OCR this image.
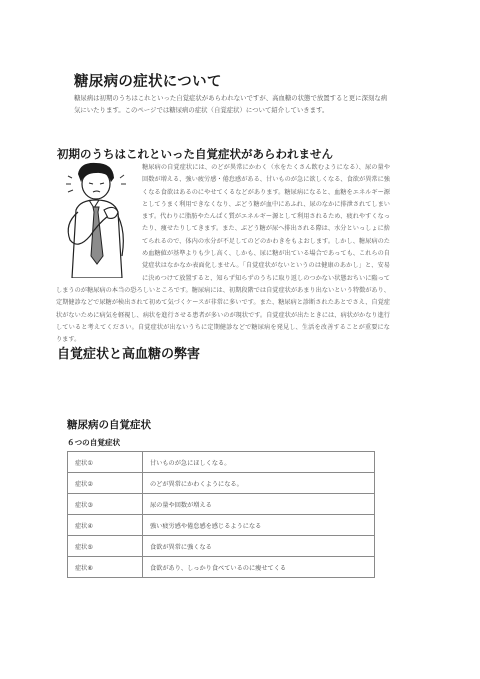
糖尿病の症状について
糖尿病は初期のうちはこれといった自覚症状があらわれないですが、高血糖の状態で放置すると更に深刻な病気にいたります。このページでは糖尿病の症状（自覚症状）について紹介していきます。
初期のうちはこれといった自覚症状があらわれません
糖尿病の自覚症状には、のどが異常にかわく（水をたくさん飲むようになる）、尿の量や回数が増える、強い疲労感・倦怠感がある、甘いものが急に欲しくなる、食欲が異常に強くなる食欲はあるのにやせてくるなどがあります。糖尿病になると、血糖をエネルギー源としてうまく利用できなくなり、ぶどう糖が血中にあふれ、尿のなかに排泄されてしまいます。代わりに脂肪やたんぱく質がエネルギー源として利用されるため、疲れやすくなったり、痩せたりしてきます。また、ぶどう糖が尿へ排出される際は、水分といっしょに捨てられるので、体内の水分が不足してのどのかわきをもよおします。しかし、糖尿病のため血糖値が基準よりも少し高く、しかも、尿に糖が出ている場合であっても、これらの自覚症状はなかなか表面化しません。「自覚症状がないというのは健康のあかし」と、安易に決めつけて放置すると、知らず知らずのうちに取り返しのつかない状態おちいに陥ってしまうのが糖尿病の本当の恐ろしいところです。糖尿病には、初期段階では自覚症状があまり出ないという特徴があり、定期健診などで尿糖が検出されて初めて気づくケースが非常に多いです。また、糖尿病と診断されたあとでさえ、自覚症状がないために病気を軽視し、病状を進行させる患者が多いのが現状です。自覚症状が出たときには、病状がかなり進行していると考えてください。自覚症状が出ないうちに定期健診などで糖尿病を発見し、生活を改善することが重要になります。
自覚症状と高血糖の弊害
糖尿病の自覚症状
６つの自覚症状
症状①	甘いものが急にほしくなる。
症状②	のどが異常にかわくようになる。
症状③	尿の量や回数が増える
症状④	強い疲労感や倦怠感を感じるようになる
症状⑤	食欲が異常に強くなる
症状⑥	食欲があり、しっかり食べているのに痩せてくる
